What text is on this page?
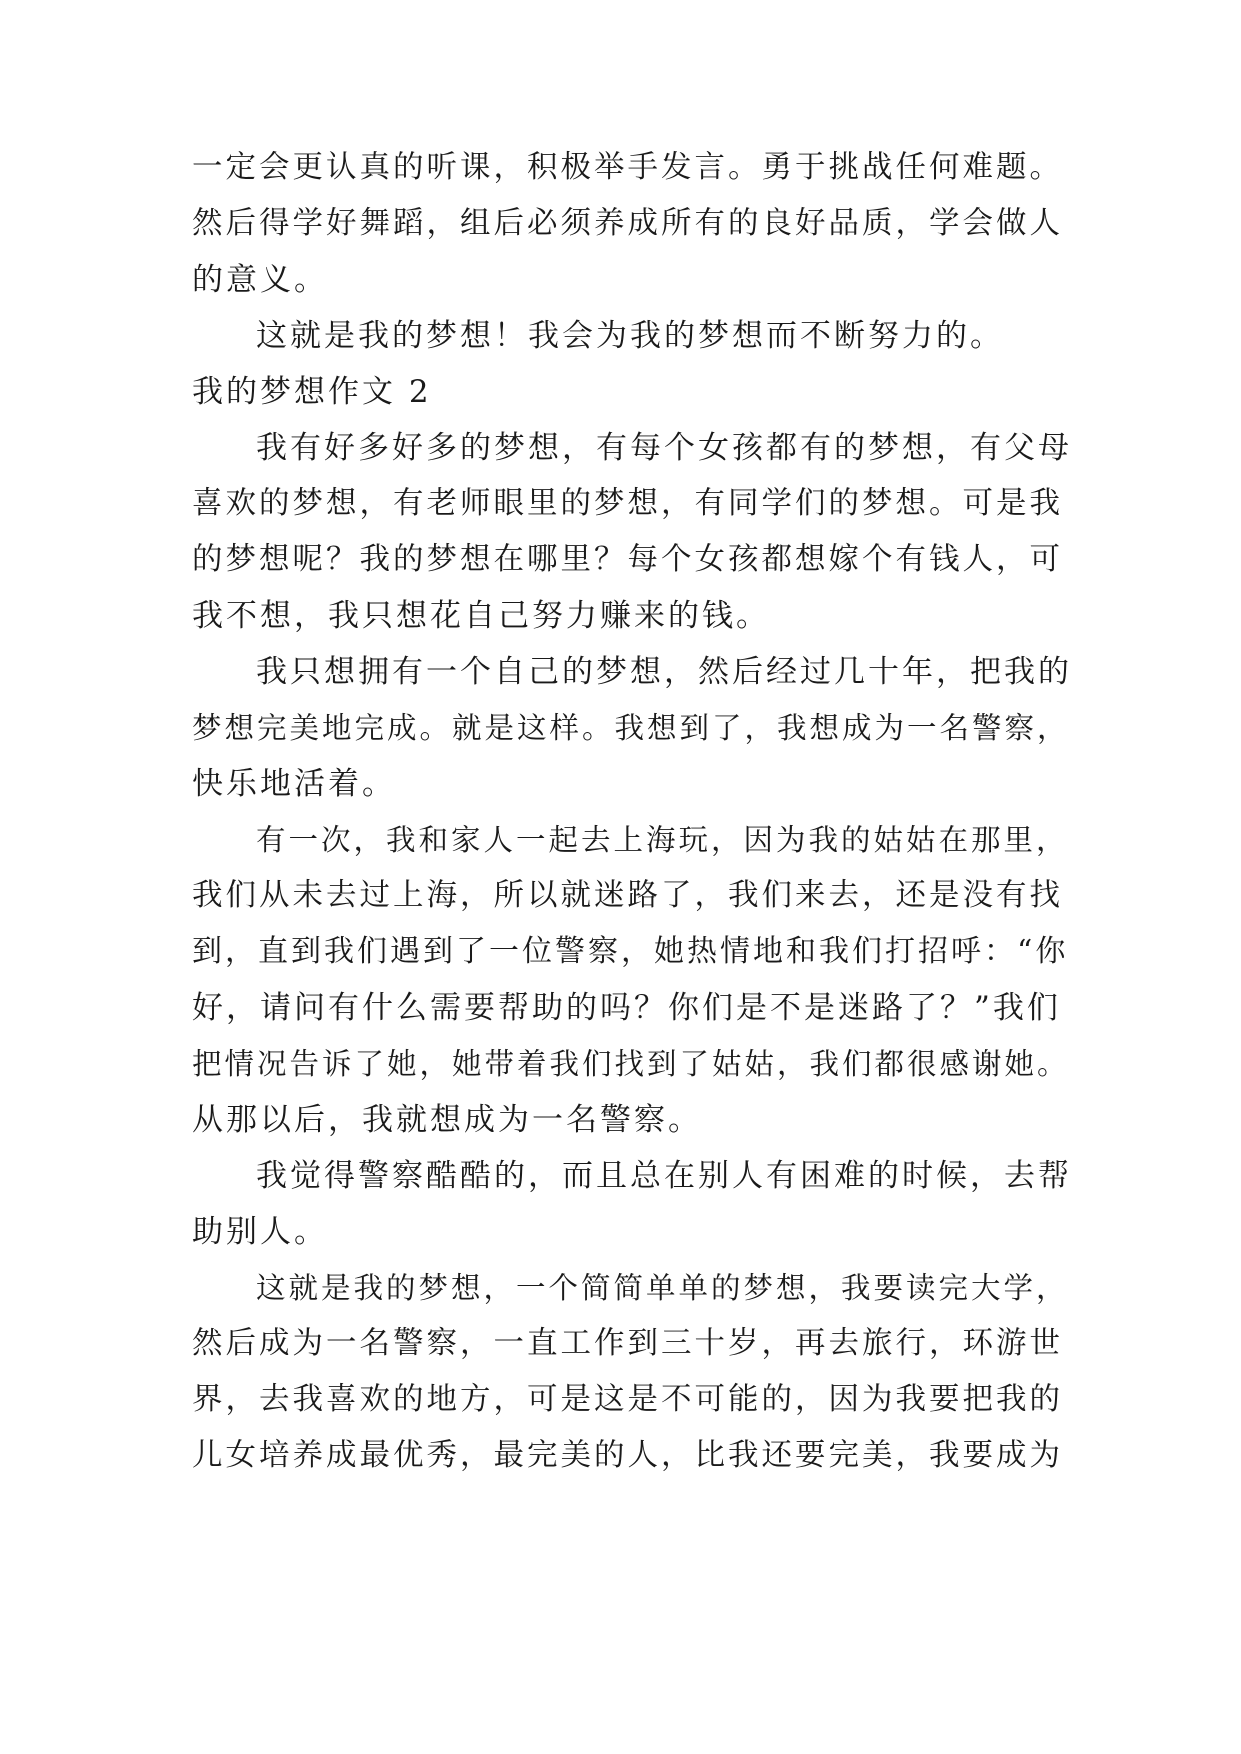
一定会更认真的听课，积极举手发言。勇于挑战任何难题。
然后得学好舞蹈，组后必须养成所有的良好品质，学会做人
的意义。
这就是我的梦想！我会为我的梦想而不断努力的。
我的梦想作文 2
我有好多好多的梦想，有每个女孩都有的梦想，有父母
喜欢的梦想，有老师眼里的梦想，有同学们的梦想。可是我
的梦想呢？我的梦想在哪里？每个女孩都想嫁个有钱人，可
我不想，我只想花自己努力赚来的钱。
我只想拥有一个自己的梦想，然后经过几十年，把我的
梦想完美地完成。就是这样。我想到了，我想成为一名警察，
快乐地活着。
有一次，我和家人一起去上海玩，因为我的姑姑在那里，
我们从未去过上海，所以就迷路了，我们来去，还是没有找
到，直到我们遇到了一位警察，她热情地和我们打招呼：“你
好，请问有什么需要帮助的吗？你们是不是迷路了？”我们
把情况告诉了她，她带着我们找到了姑姑，我们都很感谢她。
从那以后，我就想成为一名警察。
我觉得警察酷酷的，而且总在别人有困难的时候，去帮
助别人。
这就是我的梦想，一个简简单单的梦想，我要读完大学，
然后成为一名警察，一直工作到三十岁，再去旅行，环游世
界，去我喜欢的地方，可是这是不可能的，因为我要把我的
儿女培养成最优秀，最完美的人，比我还要完美，我要成为
